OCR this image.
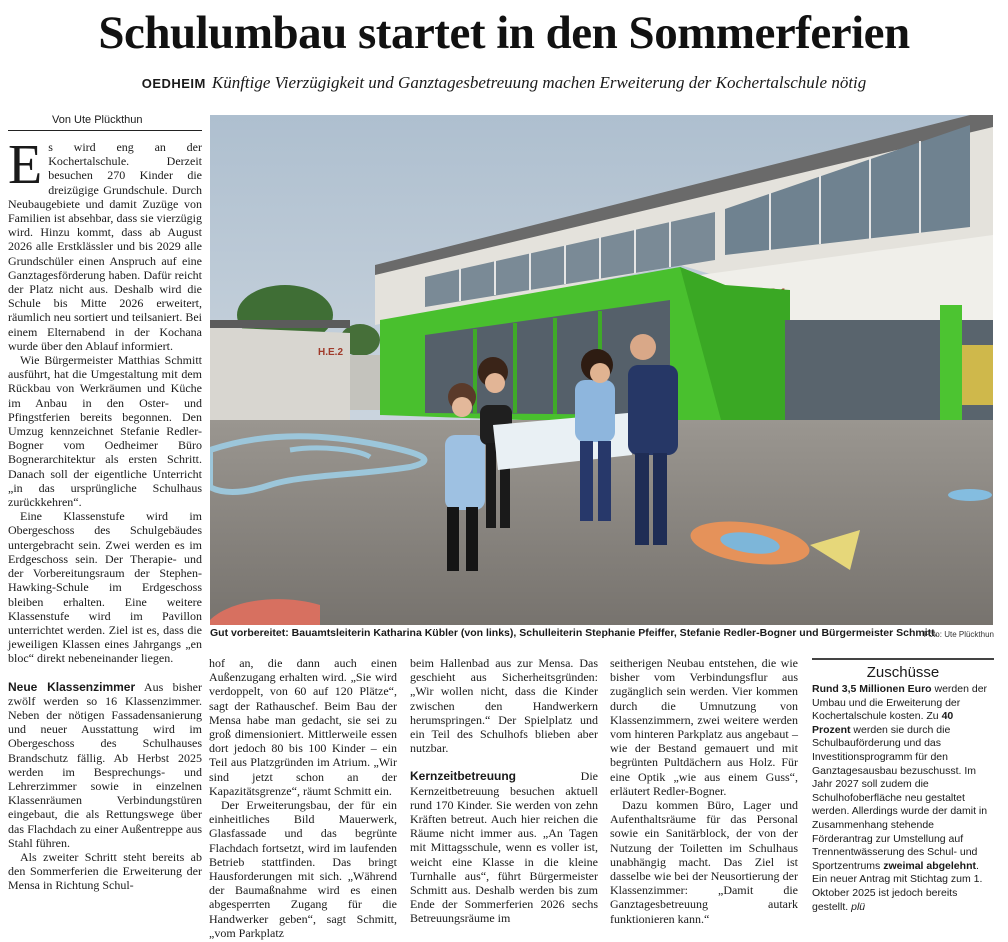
Schulumbau startet in den Sommerferien
OEDHEIM Künftige Vierzügigkeit und Ganztagesbetreuung machen Erweiterung der Kochertalschule nötig
Von Ute Plückthun

Es wird eng an der Kochertalschule. Derzeit besuchen 270 Kinder die dreizügige Grundschule. Durch Neubaugebiete und damit Zuzüge von Familien ist absehbar, dass sie vierzügig wird. Hinzu kommt, dass ab August 2026 alle Erstklässler und bis 2029 alle Grundschüler einen Anspruch auf eine Ganztagesförderung haben. Dafür reicht der Platz nicht aus. Deshalb wird die Schule bis Mitte 2026 erweitert, räumlich neu sortiert und teilsaniert. Bei einem Elternabend in der Kochana wurde über den Ablauf informiert.

Wie Bürgermeister Matthias Schmitt ausführt, hat die Umgestaltung mit dem Rückbau von Werkräumen und Küche im Anbau in den Oster- und Pfingstferien bereits begonnen. Den Umzug kennzeichnet Stefanie Redler-Bogner vom Oedheimer Büro Bognerarchitektur als ersten Schritt. Danach soll der eigentliche Unterricht „in das ursprüngliche Schulhaus zurückkehren“.

Eine Klassenstufe wird im Obergeschoss des Schulgebäudes untergebracht sein. Zwei werden es im Erdgeschoss sein. Der Therapie- und der Vorbereitungsraum der Stephen-Hawking-Schule im Erdgeschoss bleiben erhalten. Eine weitere Klassenstufe wird im Pavillon unterrichtet werden. Ziel ist es, dass die jeweiligen Klassen eines Jahrgangs „en bloc“ direkt nebeneinander liegen.

Neue Klassenzimmer Aus bisher zwölf werden so 16 Klassenzimmer. Neben der nötigen Fassadensanierung und neuer Ausstattung wird im Obergeschoss des Schulhauses Brandschutz fällig. Ab Herbst 2025 werden im Besprechungs- und Lehrerzimmer sowie in einzelnen Klassenräumen Verbindungstüren eingebaut, die als Rettungswege über das Flachdach zu einer Außentreppe aus Stahl führen.

Als zweiter Schritt steht bereits ab den Sommerferien die Erweiterung der Mensa in Richtung Schul-

H.E.2
Gut vorbereitet: Bauamtsleiterin Katharina Kübler (von links), Schulleiterin Stephanie Pfeiffer, Stefanie Redler-Bogner und Bürgermeister Schmitt.
Foto: Ute Plückthun

hof an, die dann auch einen Außenzugang erhalten wird. „Sie wird verdoppelt, von 60 auf 120 Plätze“, sagt der Rathauschef. Beim Bau der Mensa habe man gedacht, sie sei zu groß dimensioniert. Mittlerweile essen dort jedoch 80 bis 100 Kinder – ein Teil aus Platzgründen im Atrium. „Wir sind jetzt schon an der Kapazitätsgrenze“, räumt Schmitt ein.

Der Erweiterungsbau, der für ein einheitliches Bild Mauerwerk, Glasfassade und das begrünte Flachdach fortsetzt, wird im laufenden Betrieb stattfinden. Das bringt Hausforderungen mit sich. „Während der Baumaßnahme wird es einen abgesperrten Zugang für die Handwerker geben“, sagt Schmitt, „vom Parkplatz

beim Hallenbad aus zur Mensa. Das geschieht aus Sicherheitsgründen: „Wir wollen nicht, dass die Kinder zwischen den Handwerkern herumspringen.“ Der Spielplatz und ein Teil des Schulhofs blieben aber nutzbar.

Kernzeitbetreuung	Die Kernzeitbetreuung besuchen aktuell rund 170 Kinder. Sie werden von zehn Kräften betreut. Auch hier reichen die Räume nicht immer aus. „An Tagen mit Mittagsschule, wenn es voller ist, weicht eine Klasse in die kleine Turnhalle aus“, führt Bürgermeister Schmitt aus. Deshalb werden bis zum Ende der Sommerferien 2026 sechs Betreuungsräume im

seitherigen Neubau entstehen, die wie bisher vom Verbindungsflur aus zugänglich sein werden. Vier kommen durch die Umnutzung von Klassenzimmern, zwei weitere werden vom hinteren Parkplatz aus angebaut – wie der Bestand gemauert und mit begrünten Pultdächern aus Holz. Für eine Optik „wie aus einem Guss“, erläutert Redler-Bogner.

Dazu kommen Büro, Lager und Aufenthaltsräume für das Personal sowie ein Sanitärblock, der von der Nutzung der Toiletten im Schulhaus unabhängig macht. Das Ziel ist dasselbe wie bei der Neusortierung der Klassenzimmer: „Damit die Ganztagesbetreuung autark funktionieren kann.“

Zuschüsse
Rund 3,5 Millionen Euro werden der Umbau und die Erweiterung der Kochertalschule kosten. Zu 40 Prozent werden sie durch die Schulbauförderung und das Investitionsprogramm für den Ganztagesausbau bezuschusst. Im Jahr 2027 soll zudem die Schulhofoberfläche neu gestaltet werden. Allerdings wurde der damit in Zusammenhang stehende Förderantrag zur Umstellung auf Trennentwässerung des Schul- und Sportzentrums zweimal abgelehnt. Ein neuer Antrag mit Stichtag zum 1. Oktober 2025 ist jedoch bereits gestellt. plü
